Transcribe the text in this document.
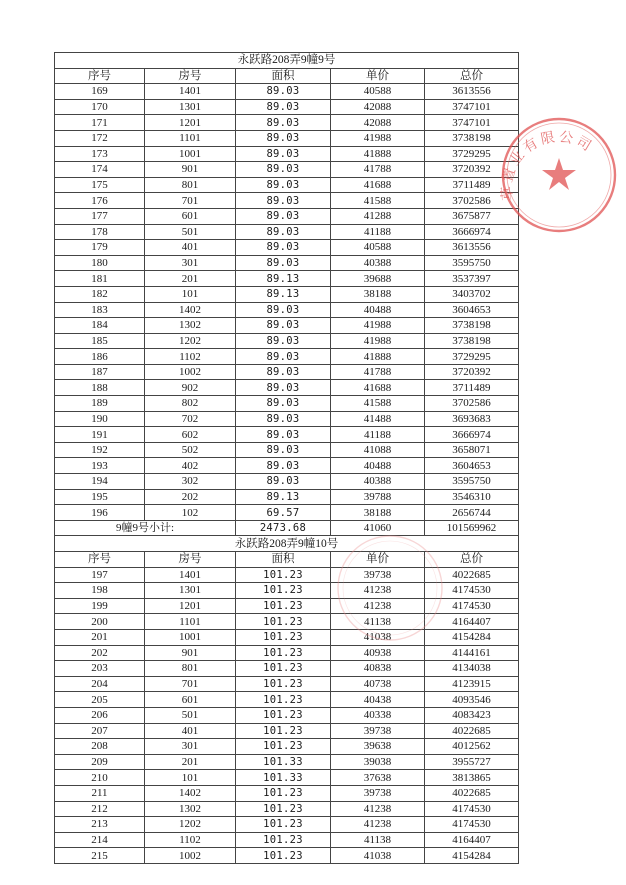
永跃路208弄9幢9号				
序号	房号	面积	单价	总价
169	1401	89.03	40588	3613556
170	1301	89.03	42088	3747101
171	1201	89.03	42088	3747101
172	1101	89.03	41988	3738198
173	1001	89.03	41888	3729295
174	901	89.03	41788	3720392
175	801	89.03	41688	3711489
176	701	89.03	41588	3702586
177	601	89.03	41288	3675877
178	501	89.03	41188	3666974
179	401	89.03	40588	3613556
180	301	89.03	40388	3595750
181	201	89.13	39688	3537397
182	101	89.13	38188	3403702
183	1402	89.03	40488	3604653
184	1302	89.03	41988	3738198
185	1202	89.03	41988	3738198
186	1102	89.03	41888	3729295
187	1002	89.03	41788	3720392
188	902	89.03	41688	3711489
189	802	89.03	41588	3702586
190	702	89.03	41488	3693683
191	602	89.03	41188	3666974
192	502	89.03	41088	3658071
193	402	89.03	40488	3604653
194	302	89.03	40388	3595750
195	202	89.13	39788	3546310
196	102	69.57	38188	2656744
9幢9号小计:		2473.68	41060	101569962
永跃路208弄9幢10号				
序号	房号	面积	单价	总价
197	1401	101.23	39738	4022685
198	1301	101.23	41238	4174530
199	1201	101.23	41238	4174530
200	1101	101.23	41138	4164407
201	1001	101.23	41038	4154284
202	901	101.23	40938	4144161
203	801	101.23	40838	4134038
204	701	101.23	40738	4123915
205	601	101.23	40438	4093546
206	501	101.23	40338	4083423
207	401	101.23	39738	4022685
208	301	101.23	39638	4012562
209	201	101.33	39038	3955727
210	101	101.33	37638	3813865
211	1402	101.23	39738	4022685
212	1302	101.23	41238	4174530
213	1202	101.23	41238	4174530
214	1102	101.23	41138	4164407
215	1002	101.23	41038	4154284
草置业有限公司
